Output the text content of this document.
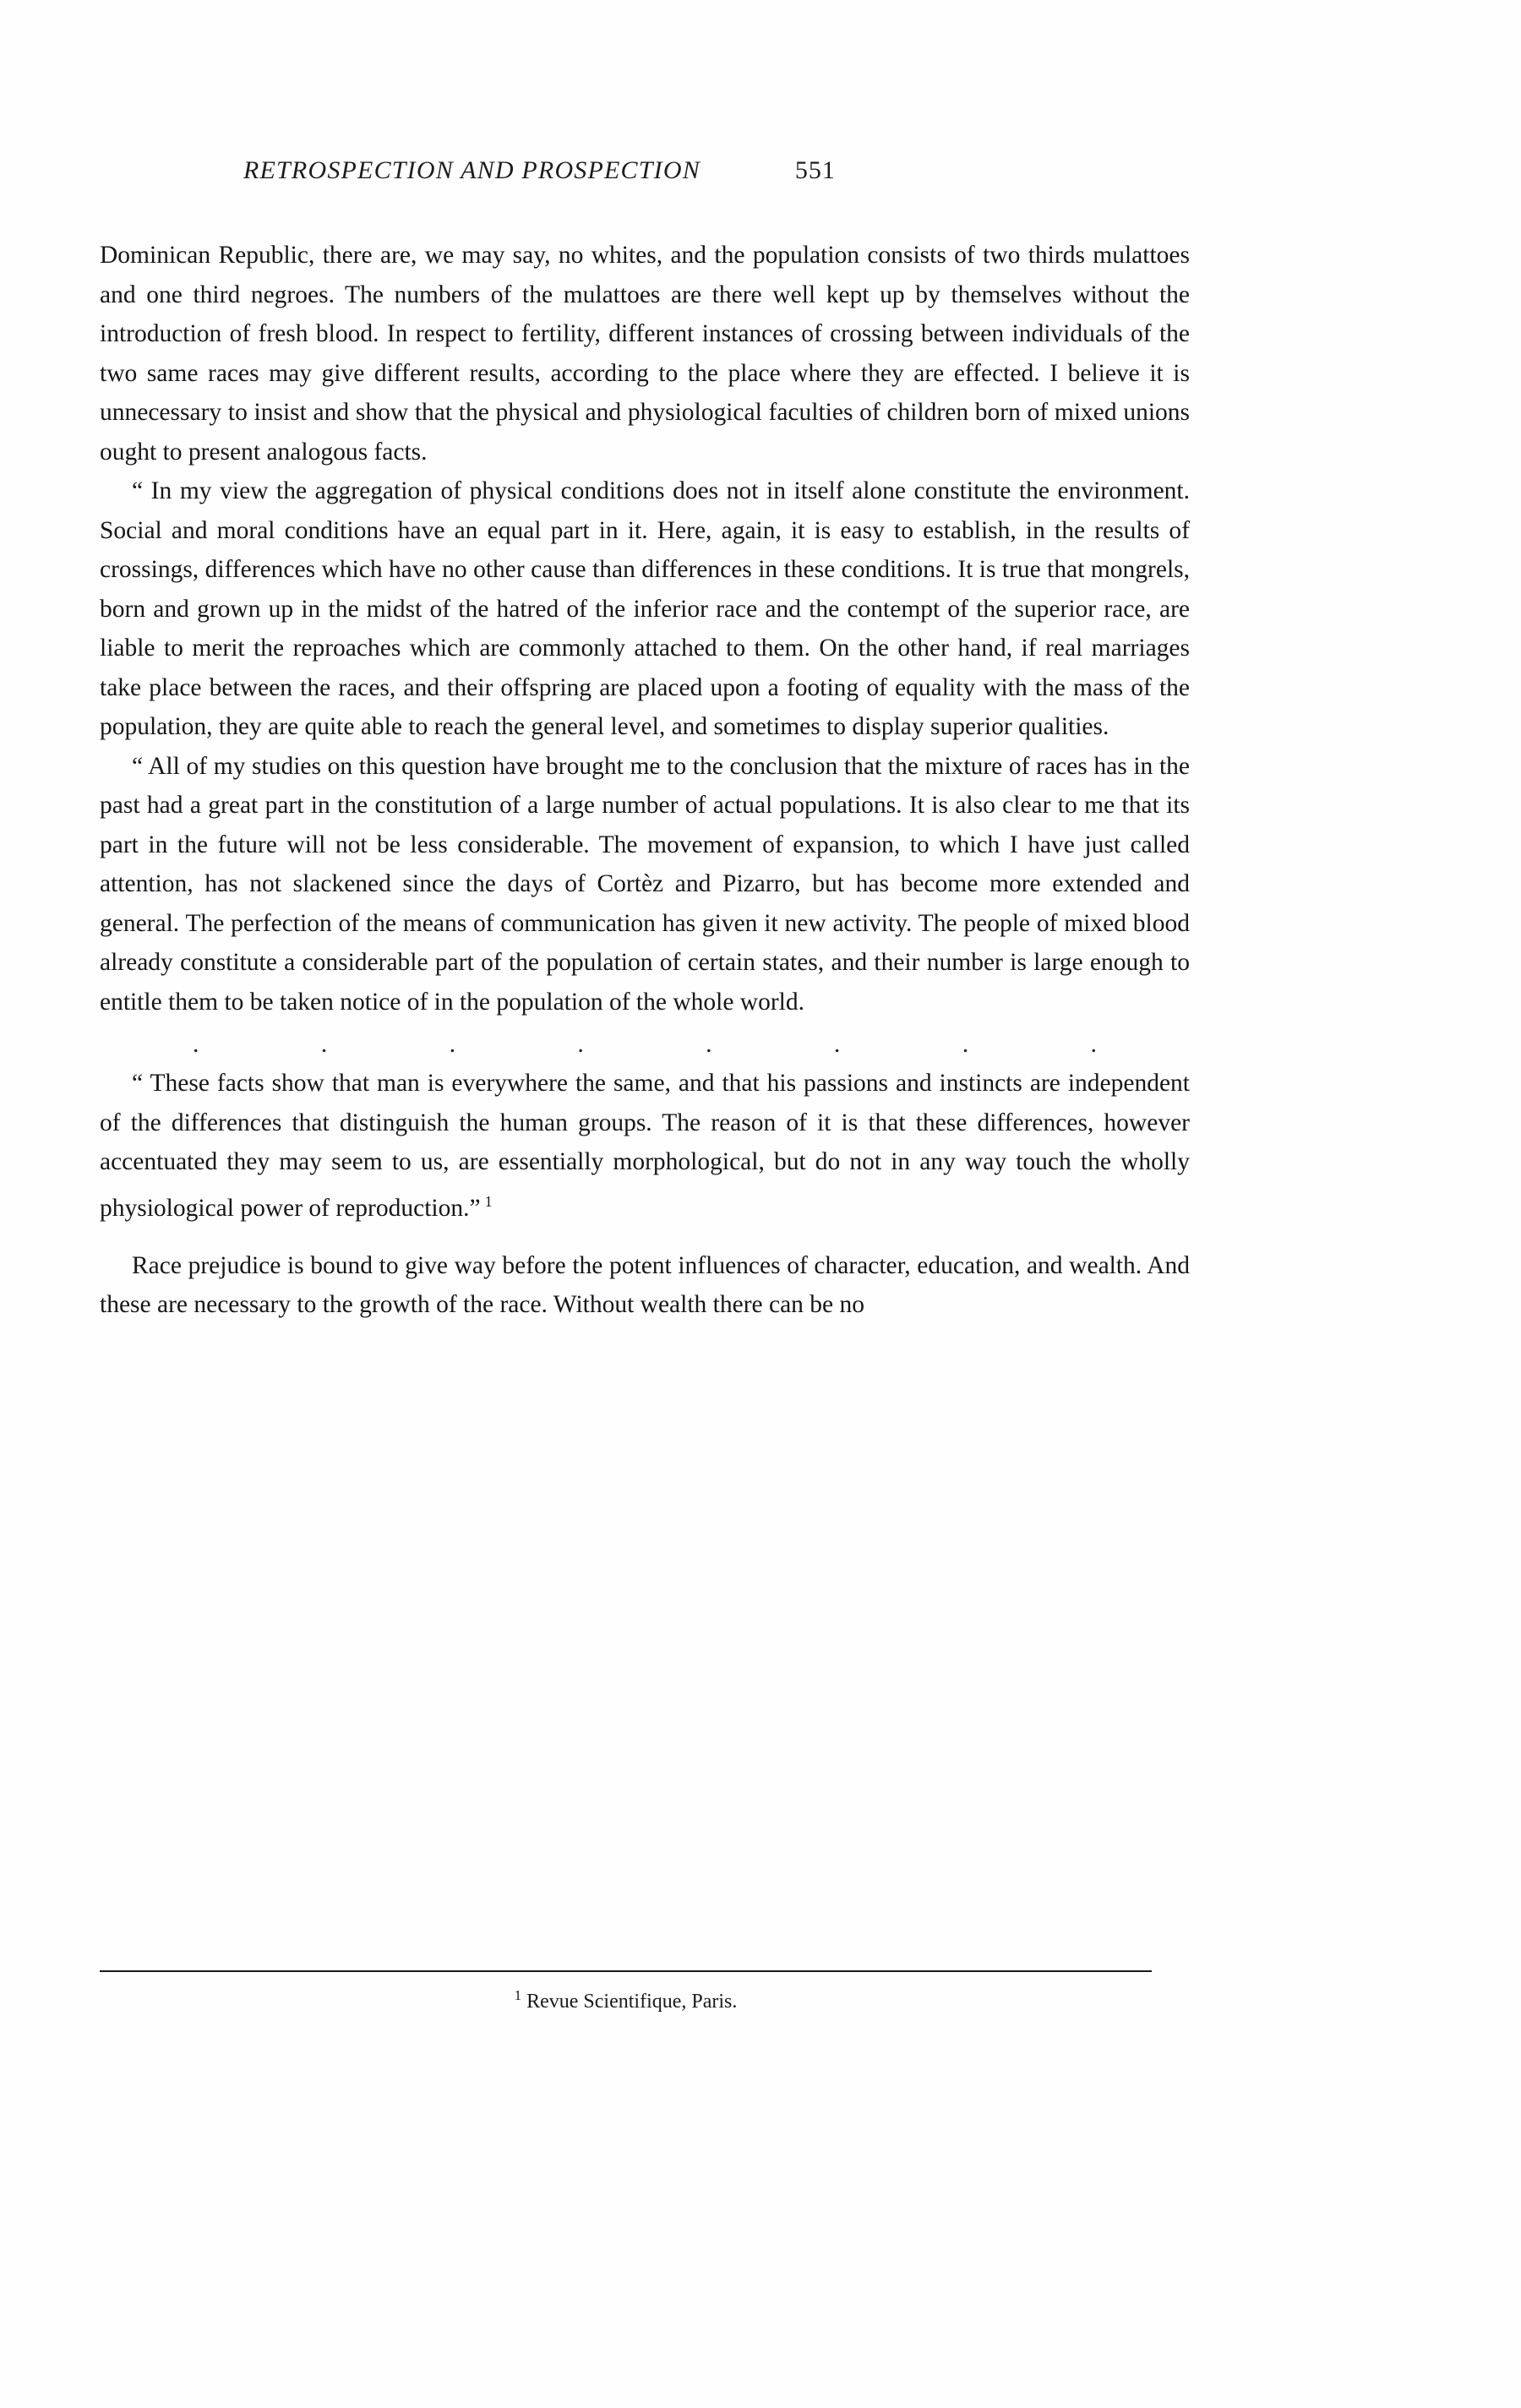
RETROSPECTION AND PROSPECTION	551

Dominican Republic, there are, we may say, no whites, and the population consists of two thirds mulattoes and one third negroes. The numbers of the mulattoes are there well kept up by themselves without the introduction of fresh blood. In respect to fertility, different instances of crossing between individuals of the two same races may give different results, according to the place where they are effected. I believe it is unnecessary to insist and show that the physical and physiological faculties of children born of mixed unions ought to present analogous facts.

“ In my view the aggregation of physical conditions does not in itself alone constitute the environment. Social and moral conditions have an equal part in it. Here, again, it is easy to establish, in the results of crossings, differences which have no other cause than differences in these conditions. It is true that mongrels, born and grown up in the midst of the hatred of the inferior race and the contempt of the superior race, are liable to merit the reproaches which are commonly attached to them. On the other hand, if real marriages take place between the races, and their offspring are placed upon a footing of equality with the mass of the population, they are quite able to reach the general level, and sometimes to display superior qualities.

“ All of my studies on this question have brought me to the conclusion that the mixture of races has in the past had a great part in the constitution of a large number of actual populations. It is also clear to me that its part in the future will not be less considerable. The movement of expansion, to which I have just called attention, has not slackened since the days of Cortèz and Pizarro, but has become more extended and general. The perfection of the means of communication has given it new activity. The people of mixed blood already constitute a considerable part of the population of certain states, and their number is large enough to entitle them to be taken notice of in the population of the whole world.

.	.	.	.	.	.	.	.

“ These facts show that man is everywhere the same, and that his passions and instincts are independent of the differences that distinguish the human groups. The reason of it is that these differences, however accentuated they may seem to us, are essentially morphological, but do not in any way touch the wholly physiological power of reproduction.” $^1$

Race prejudice is bound to give way before the potent influences of character, education, and wealth. And these are necessary to the growth of the race. Without wealth there can be no

$^1$ Revue Scientifique, Paris.
